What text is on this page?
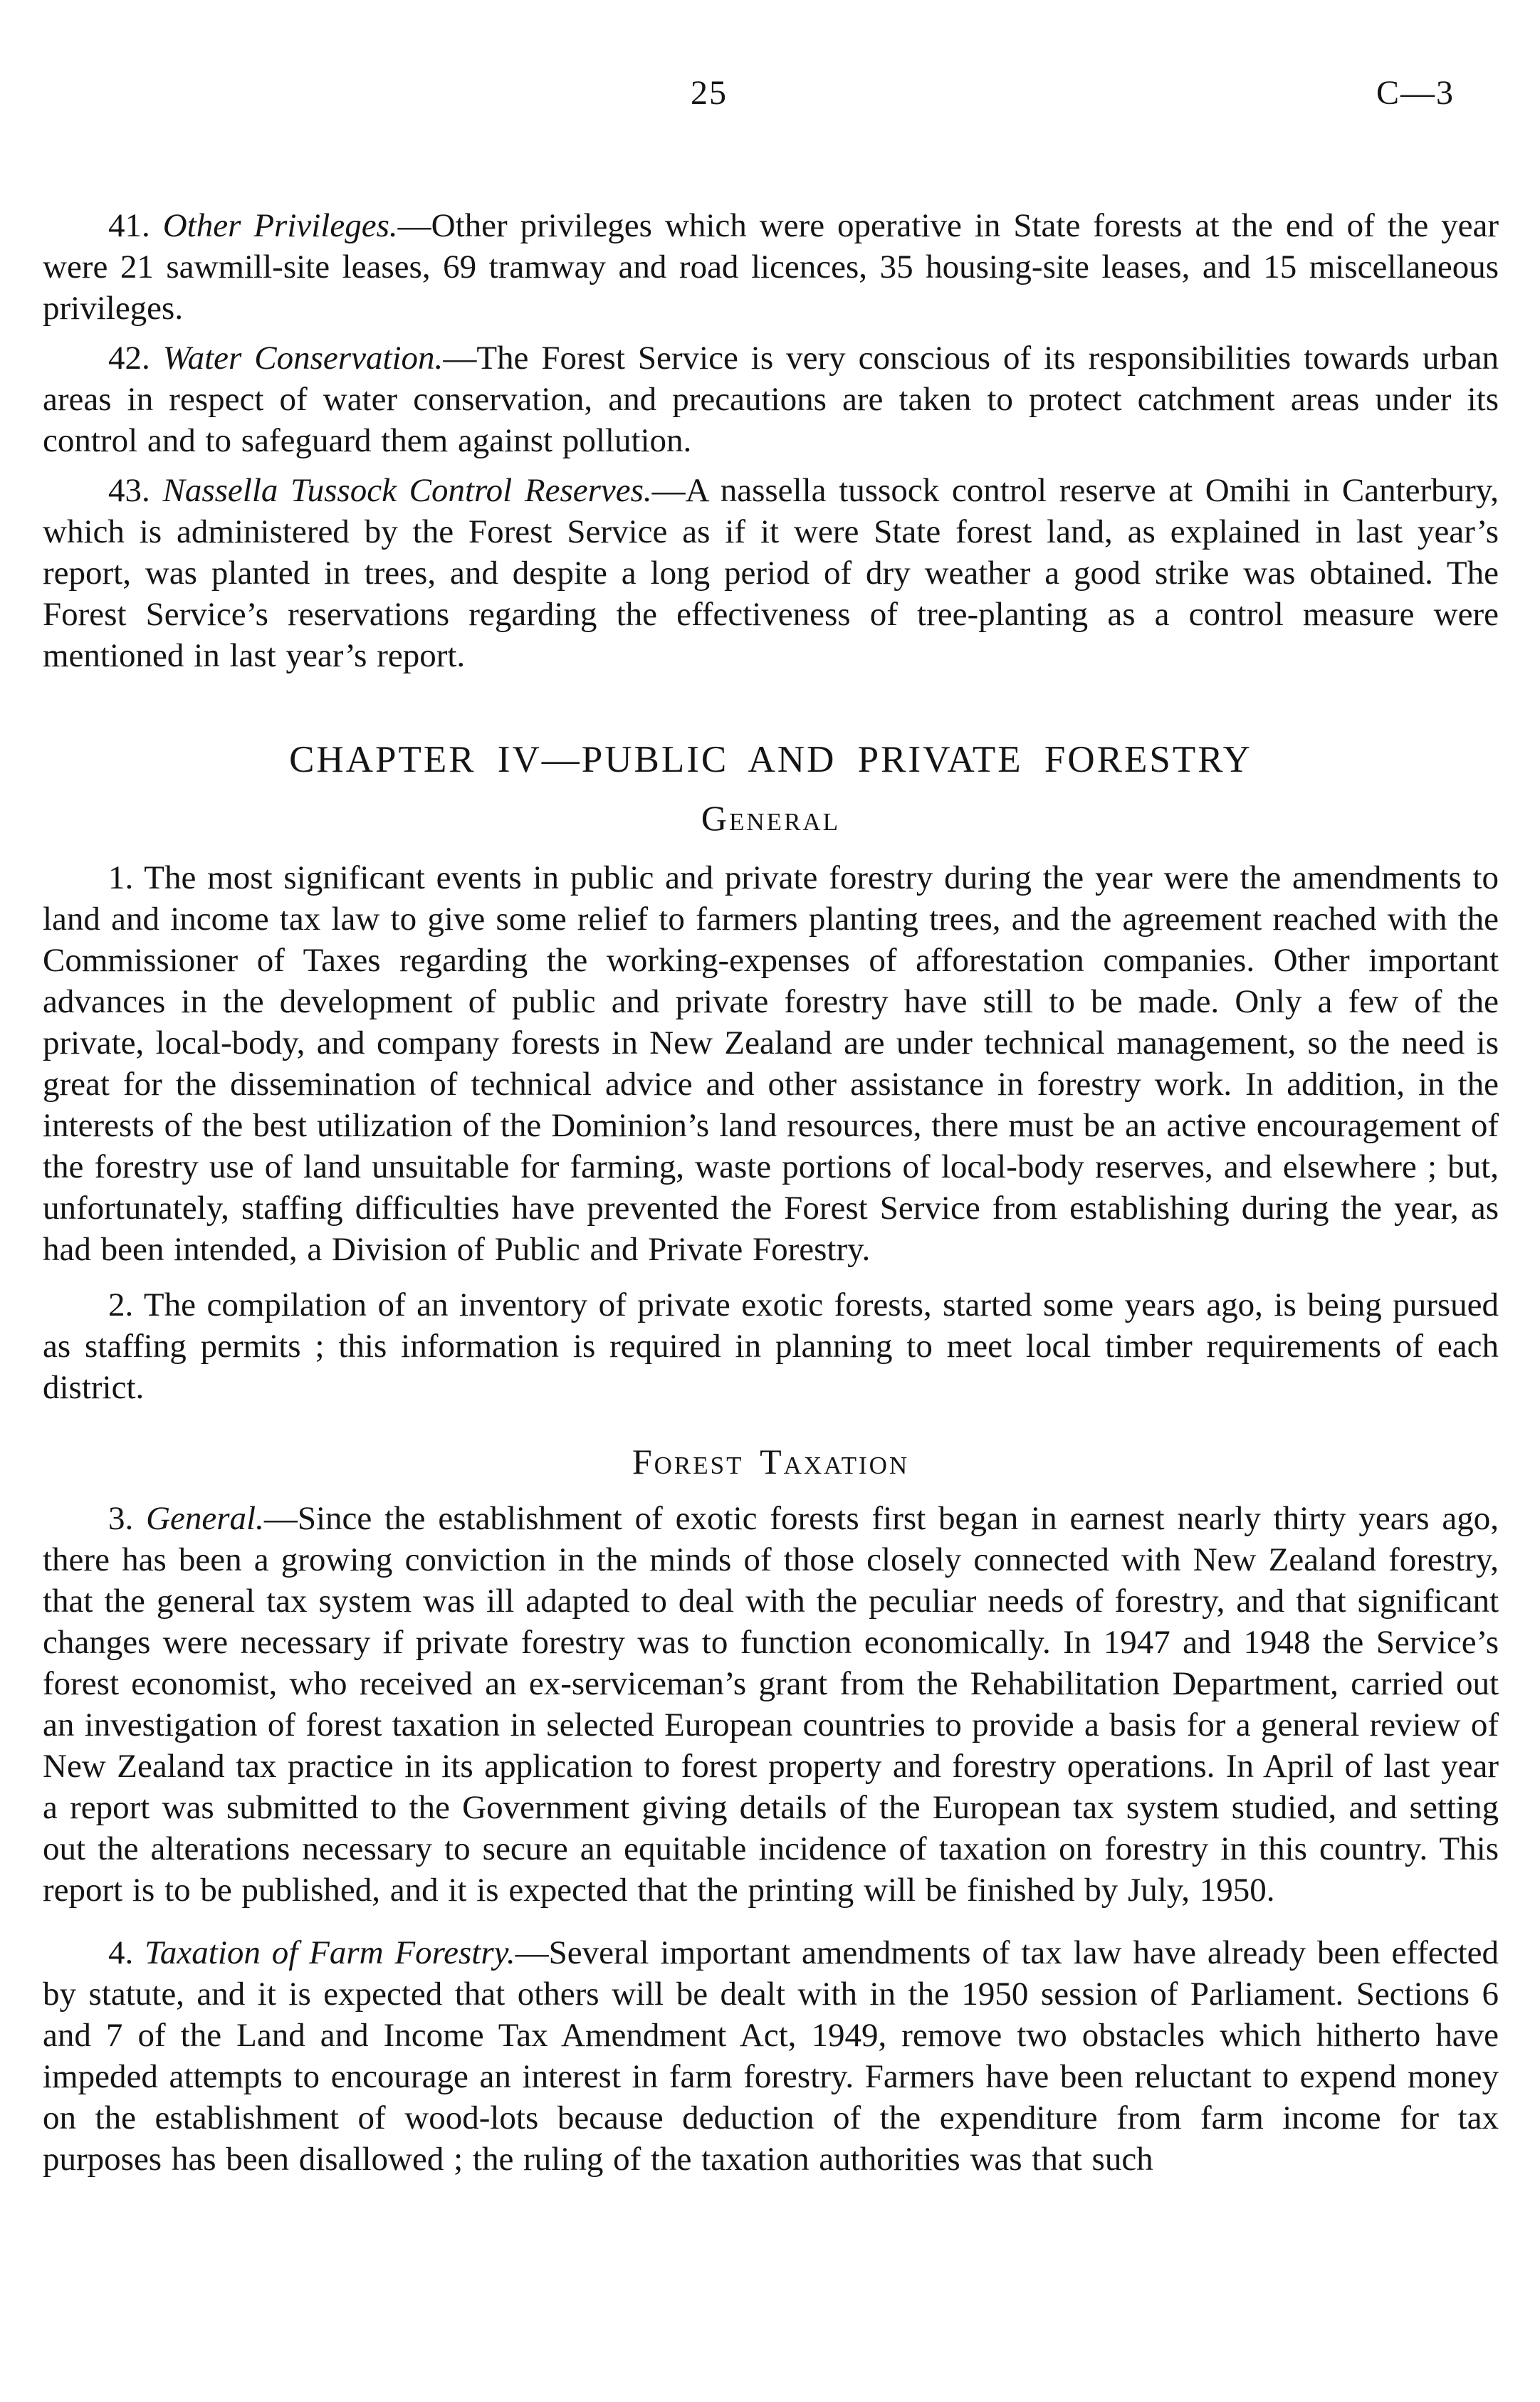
25	C—3

41. Other Privileges.—Other privileges which were operative in State forests at the end of the year were 21 sawmill-site leases, 69 tramway and road licences, 35 housing-site leases, and 15 miscellaneous privileges.

42. Water Conservation.—The Forest Service is very conscious of its responsibilities towards urban areas in respect of water conservation, and precautions are taken to protect catchment areas under its control and to safeguard them against pollution.

43. Nassella Tussock Control Reserves.—A nassella tussock control reserve at Omihi in Canterbury, which is administered by the Forest Service as if it were State forest land, as explained in last year’s report, was planted in trees, and despite a long period of dry weather a good strike was obtained. The Forest Service’s reservations regarding the effectiveness of tree-planting as a control measure were mentioned in last year’s report.

CHAPTER IV—PUBLIC AND PRIVATE FORESTRY
General

1. The most significant events in public and private forestry during the year were the amendments to land and income tax law to give some relief to farmers planting trees, and the agreement reached with the Commissioner of Taxes regarding the working-expenses of afforestation companies. Other important advances in the development of public and private forestry have still to be made. Only a few of the private, local-body, and company forests in New Zealand are under technical management, so the need is great for the dissemination of technical advice and other assistance in forestry work. In addition, in the interests of the best utilization of the Dominion’s land resources, there must be an active encouragement of the forestry use of land unsuitable for farming, waste portions of local-body reserves, and elsewhere ; but, unfortunately, staffing difficulties have prevented the Forest Service from establishing during the year, as had been intended, a Division of Public and Private Forestry.

2. The compilation of an inventory of private exotic forests, started some years ago, is being pursued as staffing permits ; this information is required in planning to meet local timber requirements of each district.

Forest Taxation

3. General.—Since the establishment of exotic forests first began in earnest nearly thirty years ago, there has been a growing conviction in the minds of those closely connected with New Zealand forestry, that the general tax system was ill adapted to deal with the peculiar needs of forestry, and that significant changes were necessary if private forestry was to function economically. In 1947 and 1948 the Service’s forest economist, who received an ex-serviceman’s grant from the Rehabilitation Department, carried out an investigation of forest taxation in selected European countries to provide a basis for a general review of New Zealand tax practice in its application to forest property and forestry operations. In April of last year a report was submitted to the Government giving details of the European tax system studied, and setting out the alterations necessary to secure an equitable incidence of taxation on forestry in this country. This report is to be published, and it is expected that the printing will be finished by July, 1950.

4. Taxation of Farm Forestry.—Several important amendments of tax law have already been effected by statute, and it is expected that others will be dealt with in the 1950 session of Parliament. Sections 6 and 7 of the Land and Income Tax Amendment Act, 1949, remove two obstacles which hitherto have impeded attempts to encourage an interest in farm forestry. Farmers have been reluctant to expend money on the establishment of wood-lots because deduction of the expenditure from farm income for tax purposes has been disallowed ; the ruling of the taxation authorities was that such
